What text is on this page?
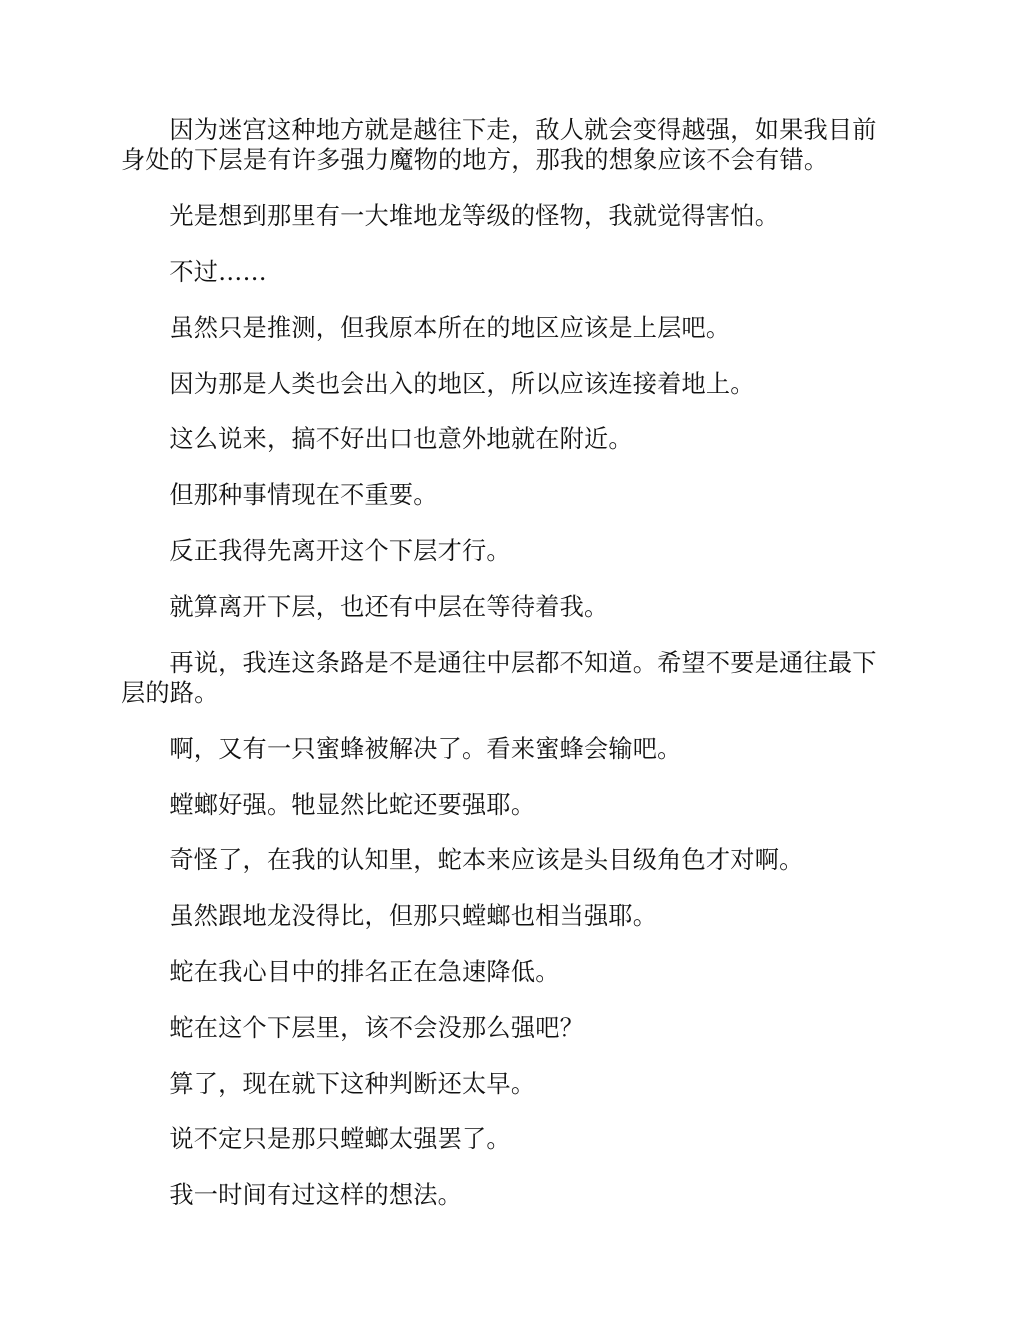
因为迷宫这种地方就是越往下走，敌人就会变得越强，如果我目前身处的下层是有许多强力魔物的地方，那我的想象应该不会有错。

光是想到那里有一大堆地龙等级的怪物，我就觉得害怕。

不过……

虽然只是推测，但我原本所在的地区应该是上层吧。

因为那是人类也会出入的地区，所以应该连接着地上。

这么说来，搞不好出口也意外地就在附近。

但那种事情现在不重要。

反正我得先离开这个下层才行。

就算离开下层，也还有中层在等待着我。

再说，我连这条路是不是通往中层都不知道。希望不要是通往最下层的路。

啊，又有一只蜜蜂被解决了。看来蜜蜂会输吧。

螳螂好强。牠显然比蛇还要强耶。

奇怪了，在我的认知里，蛇本来应该是头目级角色才对啊。

虽然跟地龙没得比，但那只螳螂也相当强耶。

蛇在我心目中的排名正在急速降低。

蛇在这个下层里，该不会没那么强吧？

算了，现在就下这种判断还太早。

说不定只是那只螳螂太强罢了。

我一时间有过这样的想法。
